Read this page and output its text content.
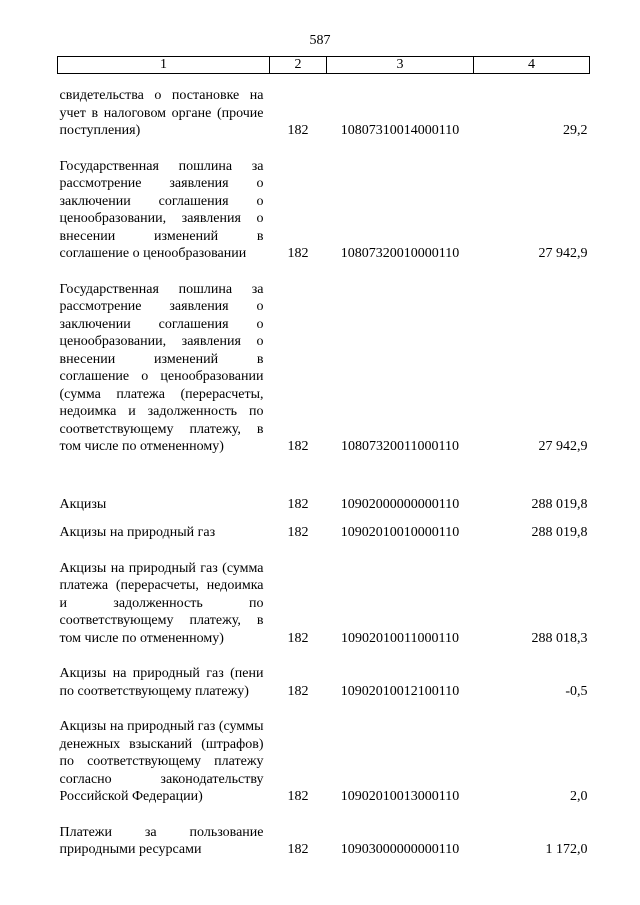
587
1	2	3	4
свидетельства о постановке на учет в налоговом органе (прочие поступления)	182	10807310014000110	29,2
Государственная пошлина за рассмотрение заявления о заключении соглашения о ценообразовании, заявления о внесении изменений в соглашение о ценообразовании	182	10807320010000110	27 942,9
Государственная пошлина за рассмотрение заявления о заключении соглашения о ценообразовании, заявления о внесении изменений в соглашение о ценообразовании (сумма платежа (перерасчеты, недоимка и задолженность по соответствующему платежу, в том числе по отмененному)	182	10807320011000110	27 942,9
Акцизы	182	10902000000000110	288 019,8
Акцизы на природный газ	182	10902010010000110	288 019,8
Акцизы на природный газ (сумма платежа (перерасчеты, недоимка и задолженность по соответствующему платежу, в том числе по отмененному)	182	10902010011000110	288 018,3
Акцизы на природный газ (пени по соответствующему платежу)	182	10902010012100110	-0,5
Акцизы на природный газ (суммы денежных взысканий (штрафов) по соответствующему платежу согласно законодательству Российской Федерации)	182	10902010013000110	2,0
Платежи за пользование природными ресурсами	182	10903000000000110	1 172,0
